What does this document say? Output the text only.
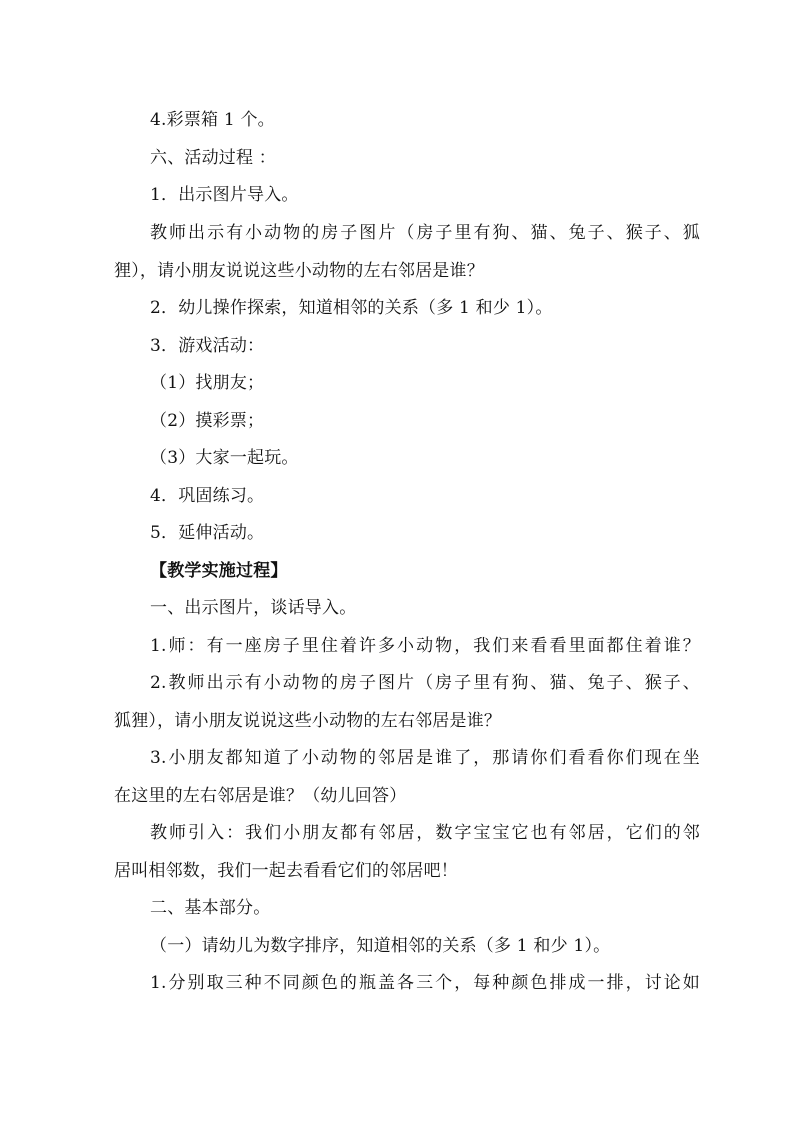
4.彩票箱 1 个。
六、活动过程 ：
1．出示图片导入。
教师出示有小动物的房子图片（房子里有狗、猫、兔子、猴子、狐
狸），请小朋友说说这些小动物的左右邻居是谁？
2．幼儿操作探索，知道相邻的关系（多 1 和少 1）。
3．游戏活动：
（1）找朋友；
（2）摸彩票；
（3）大家一起玩。
4．巩固练习。
5．延伸活动。
【教学实施过程】
一、出示图片，谈话导入。
1.师：有一座房子里住着许多小动物，我们来看看里面都住着谁？
2.教师出示有小动物的房子图片（房子里有狗、猫、兔子、猴子、
狐狸），请小朋友说说这些小动物的左右邻居是谁？
3.小朋友都知道了小动物的邻居是谁了，那请你们看看你们现在坐
在这里的左右邻居是谁？（幼儿回答）
教师引入：我们小朋友都有邻居，数字宝宝它也有邻居，它们的邻
居叫相邻数，我们一起去看看它们的邻居吧！
二、基本部分。
（一）请幼儿为数字排序，知道相邻的关系（多 1 和少 1）。
1.分别取三种不同颜色的瓶盖各三个，每种颜色排成一排，讨论如
